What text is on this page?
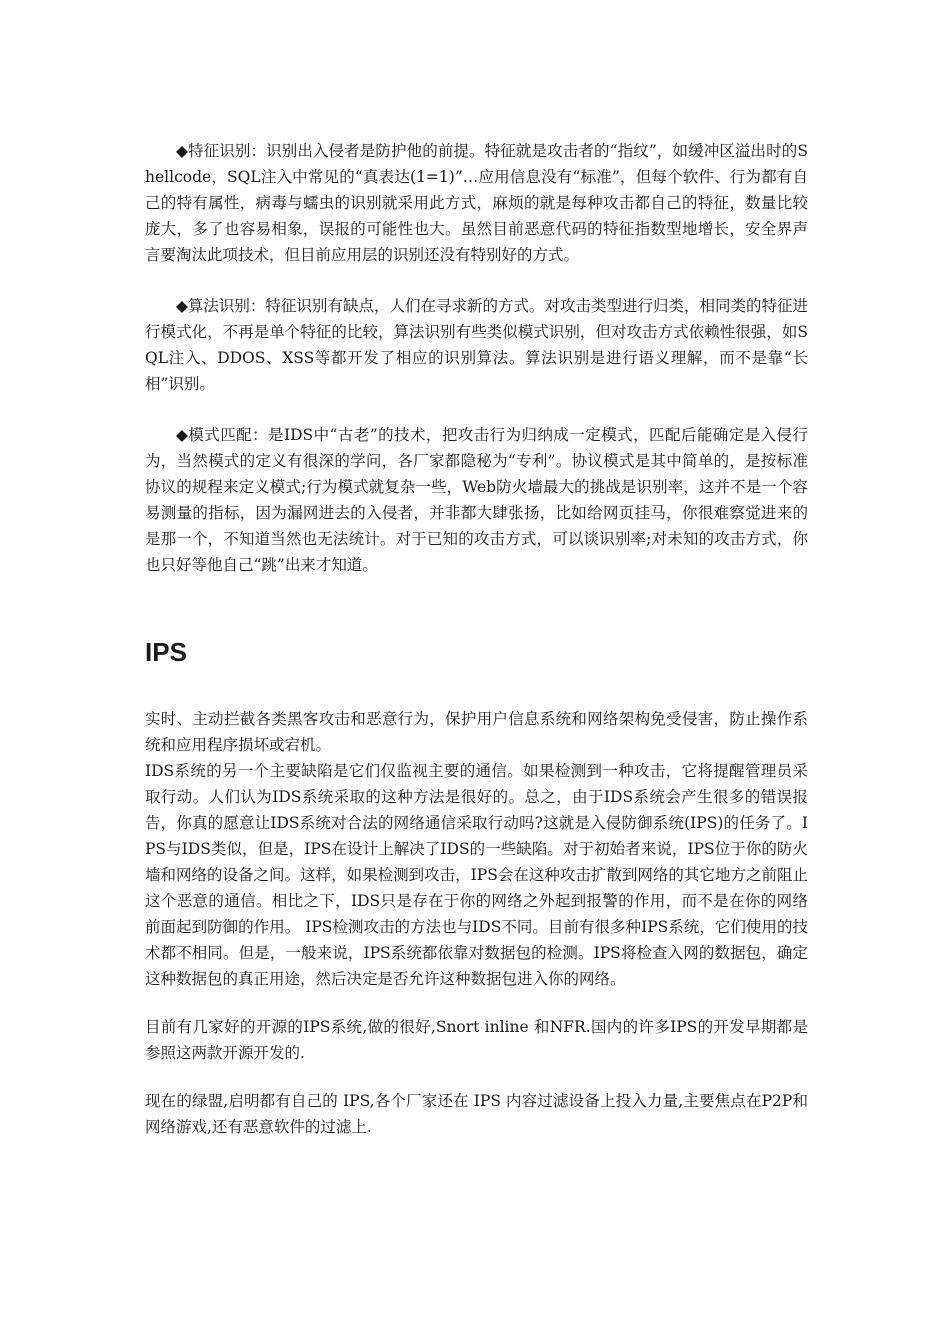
◆特征识别：识别出入侵者是防护他的前提。特征就是攻击者的“指纹”，如缓冲区溢出时的Shellcode，SQL注入中常见的“真表达(1=1)”…应用信息没有“标准”，但每个软件、行为都有自己的特有属性，病毒与蠕虫的识别就采用此方式，麻烦的就是每种攻击都自己的特征，数量比较庞大，多了也容易相象，误报的可能性也大。虽然目前恶意代码的特征指数型地增长，安全界声言要淘汰此项技术，但目前应用层的识别还没有特别好的方式。

◆算法识别：特征识别有缺点，人们在寻求新的方式。对攻击类型进行归类，相同类的特征进行模式化，不再是单个特征的比较，算法识别有些类似模式识别，但对攻击方式依赖性很强，如SQL注入、DDOS、XSS等都开发了相应的识别算法。算法识别是进行语义理解，而不是靠“长相”识别。

◆模式匹配：是IDS中“古老”的技术，把攻击行为归纳成一定模式，匹配后能确定是入侵行为，当然模式的定义有很深的学问，各厂家都隐秘为“专利”。协议模式是其中简单的，是按标准协议的规程来定义模式;行为模式就复杂一些，Web防火墙最大的挑战是识别率，这并不是一个容易测量的指标，因为漏网进去的入侵者，并非都大肆张扬，比如给网页挂马，你很难察觉进来的是那一个，不知道当然也无法统计。对于已知的攻击方式，可以谈识别率;对未知的攻击方式，你也只好等他自己“跳”出来才知道。

IPS

实时、主动拦截各类黑客攻击和恶意行为，保护用户信息系统和网络架构免受侵害，防止操作系统和应用程序损坏或宕机。

IDS系统的另一个主要缺陷是它们仅监视主要的通信。如果检测到一种攻击，它将提醒管理员采取行动。人们认为IDS系统采取的这种方法是很好的。总之，由于IDS系统会产生很多的错误报告，你真的愿意让IDS系统对合法的网络通信采取行动吗?这就是入侵防御系统(IPS)的任务了。IPS与IDS类似，但是，IPS在设计上解决了IDS的一些缺陷。对于初始者来说，IPS位于你的防火墙和网络的设备之间。这样，如果检测到攻击，IPS会在这种攻击扩散到网络的其它地方之前阻止这个恶意的通信。相比之下，IDS只是存在于你的网络之外起到报警的作用，而不是在你的网络前面起到防御的作用。 IPS检测攻击的方法也与IDS不同。目前有很多种IPS系统，它们使用的技术都不相同。但是，一般来说，IPS系统都依靠对数据包的检测。IPS将检查入网的数据包，确定这种数据包的真正用途，然后决定是否允许这种数据包进入你的网络。

目前有几家好的开源的IPS系统,做的很好,Snort inline 和NFR.国内的许多IPS的开发早期都是参照这两款开源开发的.

现在的绿盟,启明都有自己的 IPS,各个厂家还在 IPS 内容过滤设备上投入力量,主要焦点在P2P和网络游戏,还有恶意软件的过滤上.
